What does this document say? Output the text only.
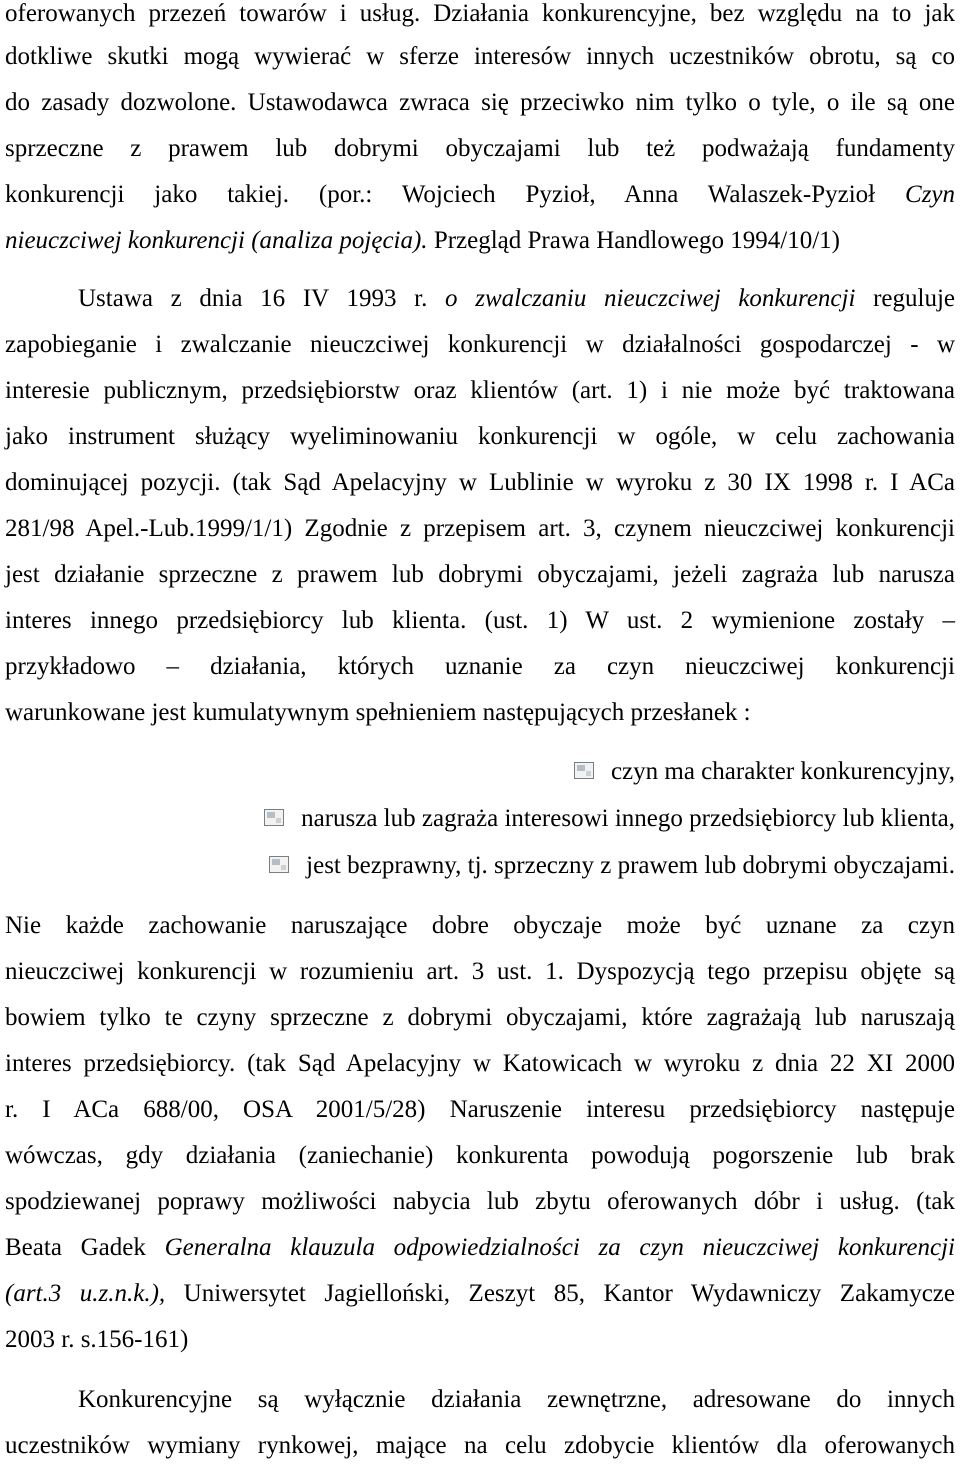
oferowanych przezeń towarów i usług. Działania konkurencyjne, bez względu na to jak
dotkliwe skutki mogą wywierać w sferze interesów innych uczestników obrotu, są co
do zasady dozwolone. Ustawodawca zwraca się przeciwko nim tylko o tyle, o ile są one
sprzeczne z prawem lub dobrymi obyczajami lub też podważają fundamenty
konkurencji jako takiej. (por.: Wojciech Pyzioł, Anna Walaszek-Pyzioł Czyn
nieuczciwej konkurencji (analiza pojęcia). Przegląd Prawa Handlowego 1994/10/1)
Ustawa z dnia 16 IV 1993 r. o zwalczaniu nieuczciwej konkurencji reguluje
zapobieganie i zwalczanie nieuczciwej konkurencji w działalności gospodarczej - w
interesie publicznym, przedsiębiorstw oraz klientów (art. 1) i nie może być traktowana
jako instrument służący wyeliminowaniu konkurencji w ogóle, w celu zachowania
dominującej pozycji. (tak Sąd Apelacyjny w Lublinie w wyroku z 30 IX 1998 r. I ACa
281/98 Apel.-Lub.1999/1/1) Zgodnie z przepisem art. 3, czynem nieuczciwej konkurencji
jest działanie sprzeczne z prawem lub dobrymi obyczajami, jeżeli zagraża lub narusza
interes innego przedsiębiorcy lub klienta. (ust. 1) W ust. 2 wymienione zostały –
przykładowo – działania, których uznanie za czyn nieuczciwej konkurencji
warunkowane jest kumulatywnym spełnieniem następujących przesłanek :
czyn ma charakter konkurencyjny,
narusza lub zagraża interesowi innego przedsiębiorcy lub klienta,
jest bezprawny, tj. sprzeczny z prawem lub dobrymi obyczajami.
Nie każde zachowanie naruszające dobre obyczaje może być uznane za czyn
nieuczciwej konkurencji w rozumieniu art. 3 ust. 1. Dyspozycją tego przepisu objęte są
bowiem tylko te czyny sprzeczne z dobrymi obyczajami, które zagrażają lub naruszają
interes przedsiębiorcy. (tak Sąd Apelacyjny w Katowicach w wyroku z dnia 22 XI 2000
r. I ACa 688/00, OSA 2001/5/28) Naruszenie interesu przedsiębiorcy następuje
wówczas, gdy działania (zaniechanie) konkurenta powodują pogorszenie lub brak
spodziewanej poprawy możliwości nabycia lub zbytu oferowanych dóbr i usług. (tak
Beata Gadek Generalna klauzula odpowiedzialności za czyn nieuczciwej konkurencji
(art.3 u.z.n.k.), Uniwersytet Jagielloński, Zeszyt 85, Kantor Wydawniczy Zakamycze
2003 r. s.156-161)
Konkurencyjne są wyłącznie działania zewnętrzne, adresowane do innych
uczestników wymiany rynkowej, mające na celu zdobycie klientów dla oferowanych
